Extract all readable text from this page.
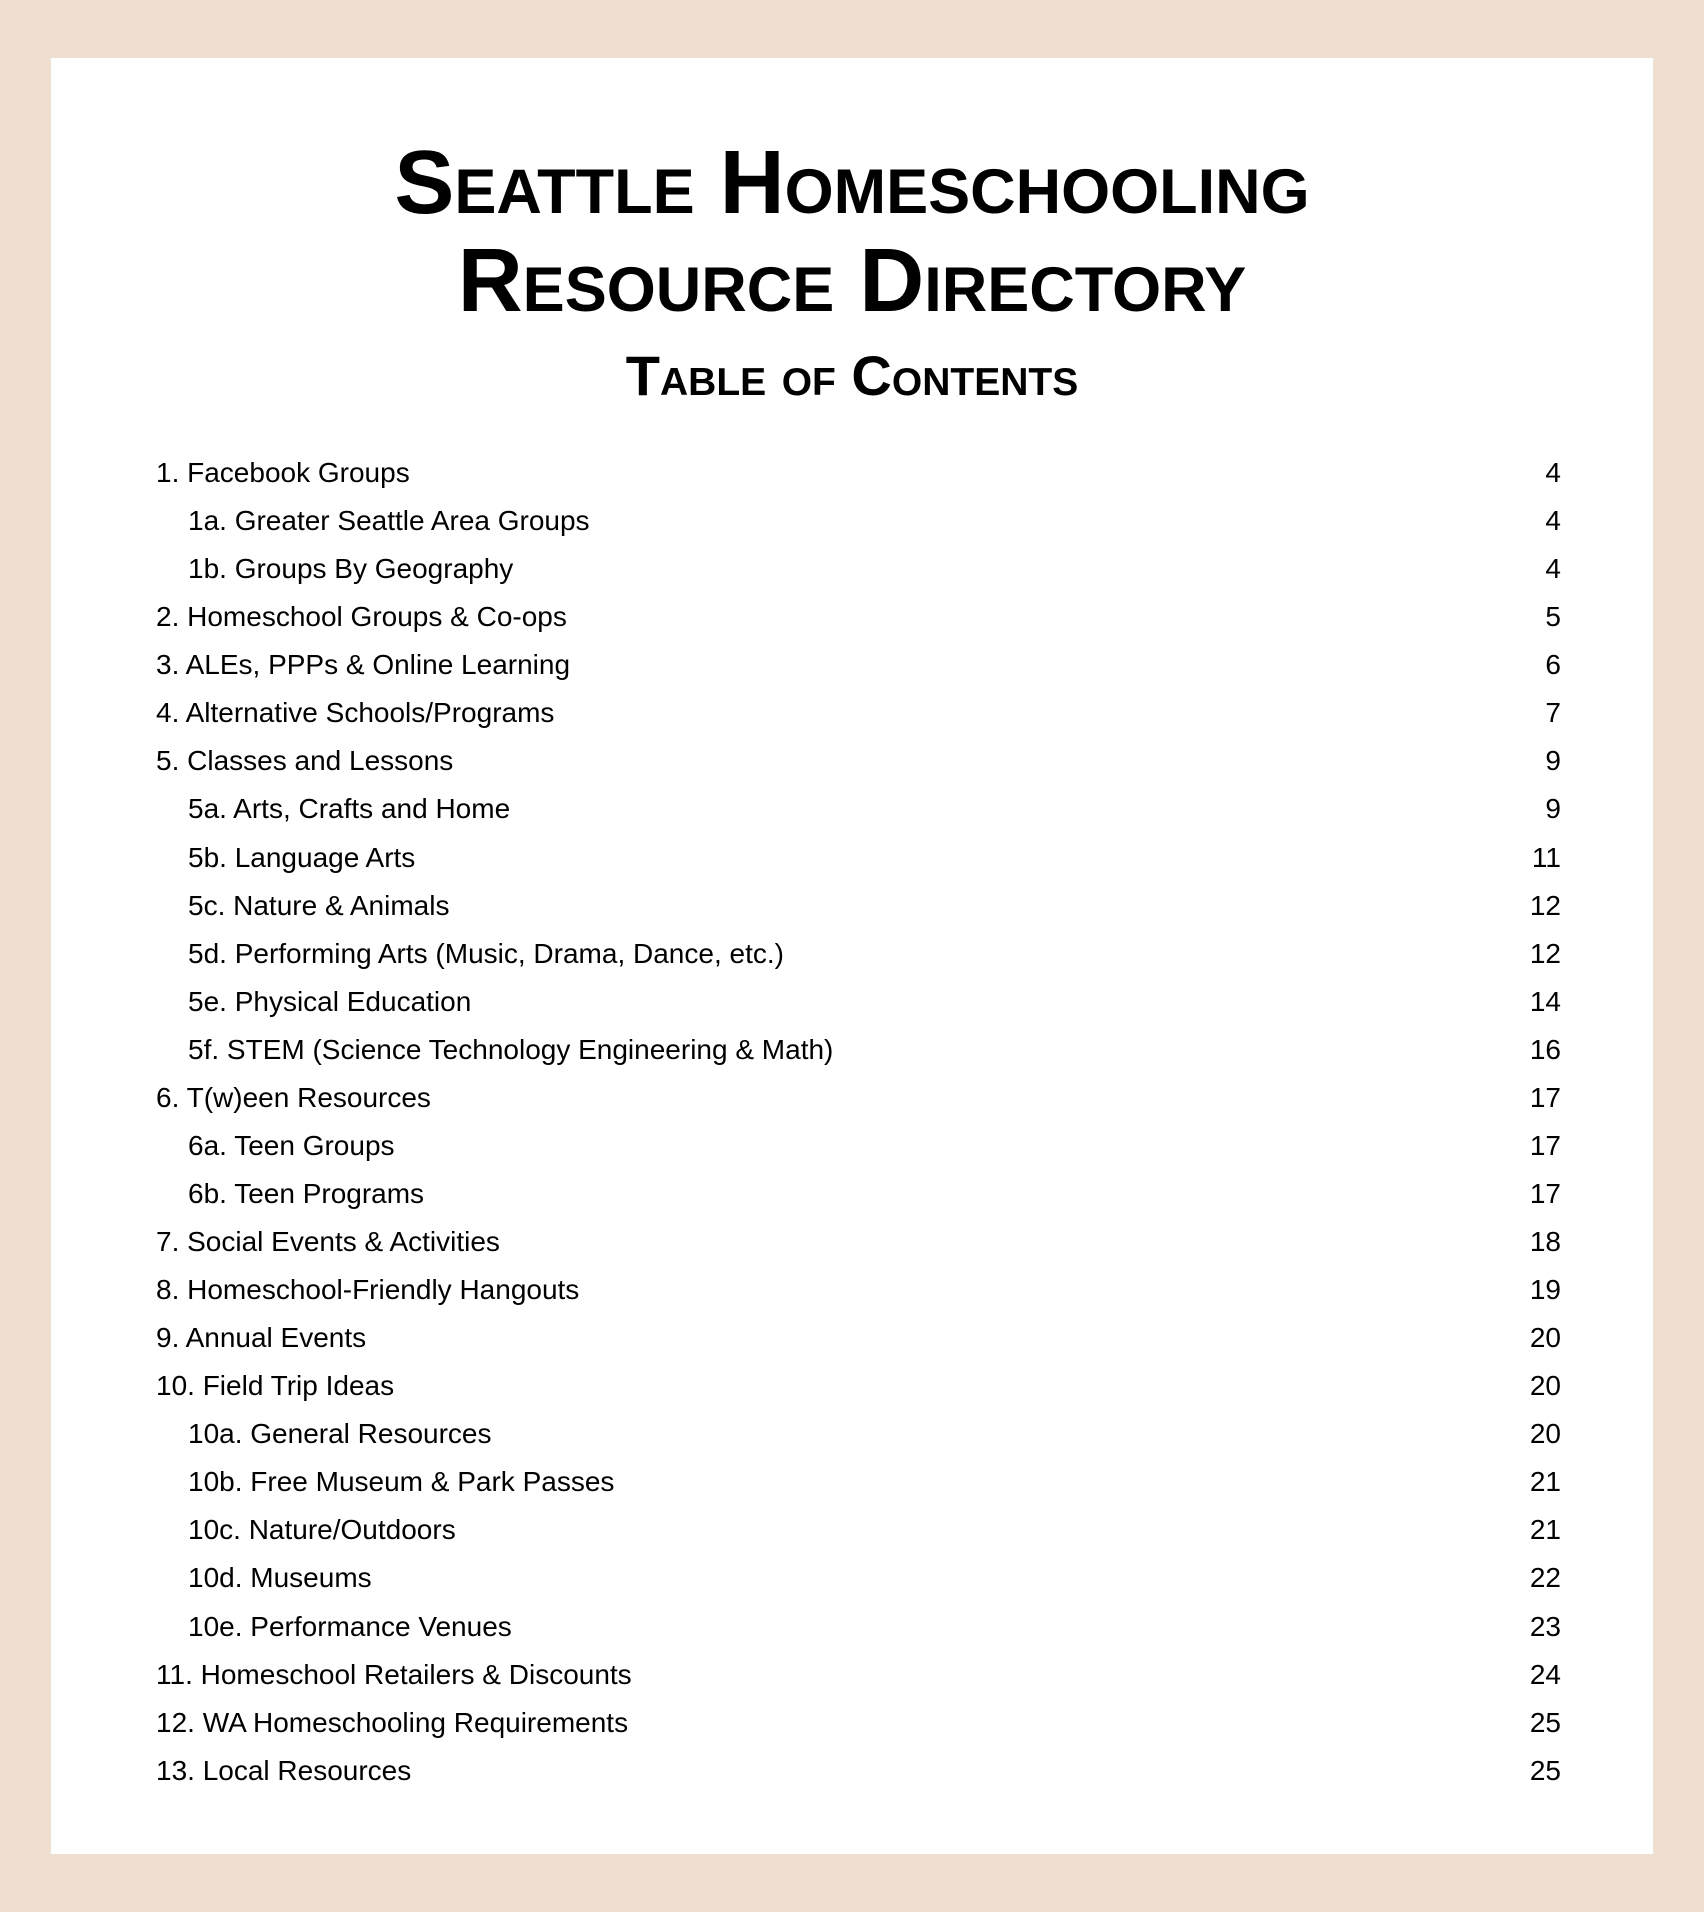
Seattle Homeschooling
Resource Directory
Table of Contents
1. Facebook Groups	4
1a. Greater Seattle Area Groups	4
1b. Groups By Geography	4
2. Homeschool Groups & Co-ops	5
3. ALEs, PPPs & Online Learning	6
4. Alternative Schools/Programs	7
5. Classes and Lessons	9
5a. Arts, Crafts and Home	9
5b. Language Arts	11
5c. Nature & Animals	12
5d. Performing Arts (Music, Drama, Dance, etc.)	12
5e. Physical Education	14
5f. STEM (Science Technology Engineering & Math)	16
6. T(w)een Resources	17
6a. Teen Groups	17
6b. Teen Programs	17
7. Social Events & Activities	18
8. Homeschool-Friendly Hangouts	19
9. Annual Events	20
10. Field Trip Ideas	20
10a. General Resources	20
10b. Free Museum & Park Passes	21
10c. Nature/Outdoors	21
10d. Museums	22
10e. Performance Venues	23
11. Homeschool Retailers & Discounts	24
12. WA Homeschooling Requirements	25
13. Local Resources	25
